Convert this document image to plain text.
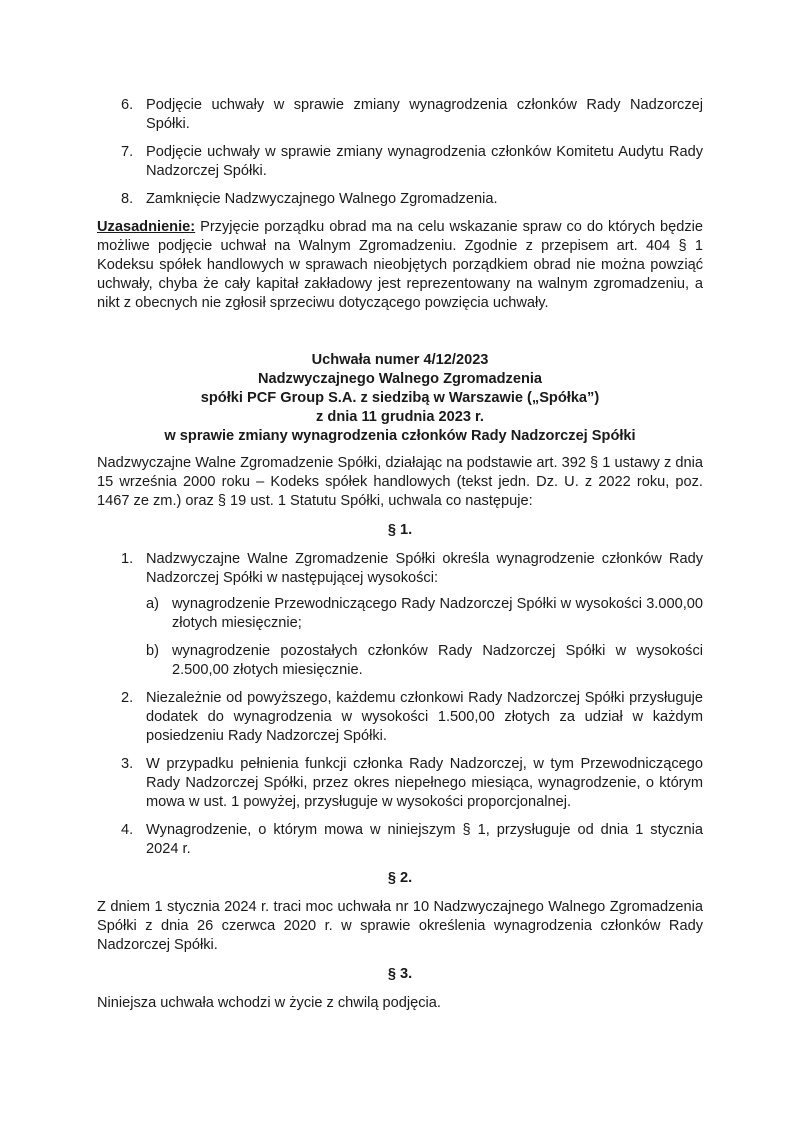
6. Podjęcie uchwały w sprawie zmiany wynagrodzenia członków Rady Nadzorczej Spółki.
7. Podjęcie uchwały w sprawie zmiany wynagrodzenia członków Komitetu Audytu Rady Nadzorczej Spółki.
8. Zamknięcie Nadzwyczajnego Walnego Zgromadzenia.

Uzasadnienie: Przyjęcie porządku obrad ma na celu wskazanie spraw co do których będzie możliwe podjęcie uchwał na Walnym Zgromadzeniu. Zgodnie z przepisem art. 404 § 1 Kodeksu spółek handlowych w sprawach nieobjętych porządkiem obrad nie można powziąć uchwały, chyba że cały kapitał zakładowy jest reprezentowany na walnym zgromadzeniu, a nikt z obecnych nie zgłosił sprzeciwu dotyczącego powzięcia uchwały.

Uchwała numer 4/12/2023
Nadzwyczajnego Walnego Zgromadzenia
spółki PCF Group S.A. z siedzibą w Warszawie („Spółka”)
z dnia 11 grudnia 2023 r.
w sprawie zmiany wynagrodzenia członków Rady Nadzorczej Spółki

Nadzwyczajne Walne Zgromadzenie Spółki, działając na podstawie art. 392 § 1 ustawy z dnia 15 września 2000 roku – Kodeks spółek handlowych (tekst jedn. Dz. U. z 2022 roku, poz. 1467 ze zm.) oraz § 19 ust. 1 Statutu Spółki, uchwala co następuje:

§ 1.
1. Nadzwyczajne Walne Zgromadzenie Spółki określa wynagrodzenie członków Rady Nadzorczej Spółki w następującej wysokości:
a) wynagrodzenie Przewodniczącego Rady Nadzorczej Spółki w wysokości 3.000,00 złotych miesięcznie;
b) wynagrodzenie pozostałych członków Rady Nadzorczej Spółki w wysokości 2.500,00 złotych miesięcznie.
2. Niezależnie od powyższego, każdemu członkowi Rady Nadzorczej Spółki przysługuje dodatek do wynagrodzenia w wysokości 1.500,00 złotych za udział w każdym posiedzeniu Rady Nadzorczej Spółki.
3. W przypadku pełnienia funkcji członka Rady Nadzorczej, w tym Przewodniczącego Rady Nadzorczej Spółki, przez okres niepełnego miesiąca, wynagrodzenie, o którym mowa w ust. 1 powyżej, przysługuje w wysokości proporcjonalnej.
4. Wynagrodzenie, o którym mowa w niniejszym § 1, przysługuje od dnia 1 stycznia 2024 r.
§ 2.

Z dniem 1 stycznia 2024 r. traci moc uchwała nr 10 Nadzwyczajnego Walnego Zgromadzenia Spółki z dnia 26 czerwca 2020 r. w sprawie określenia wynagrodzenia członków Rady Nadzorczej Spółki.

§ 3.

Niniejsza uchwała wchodzi w życie z chwilą podjęcia.
